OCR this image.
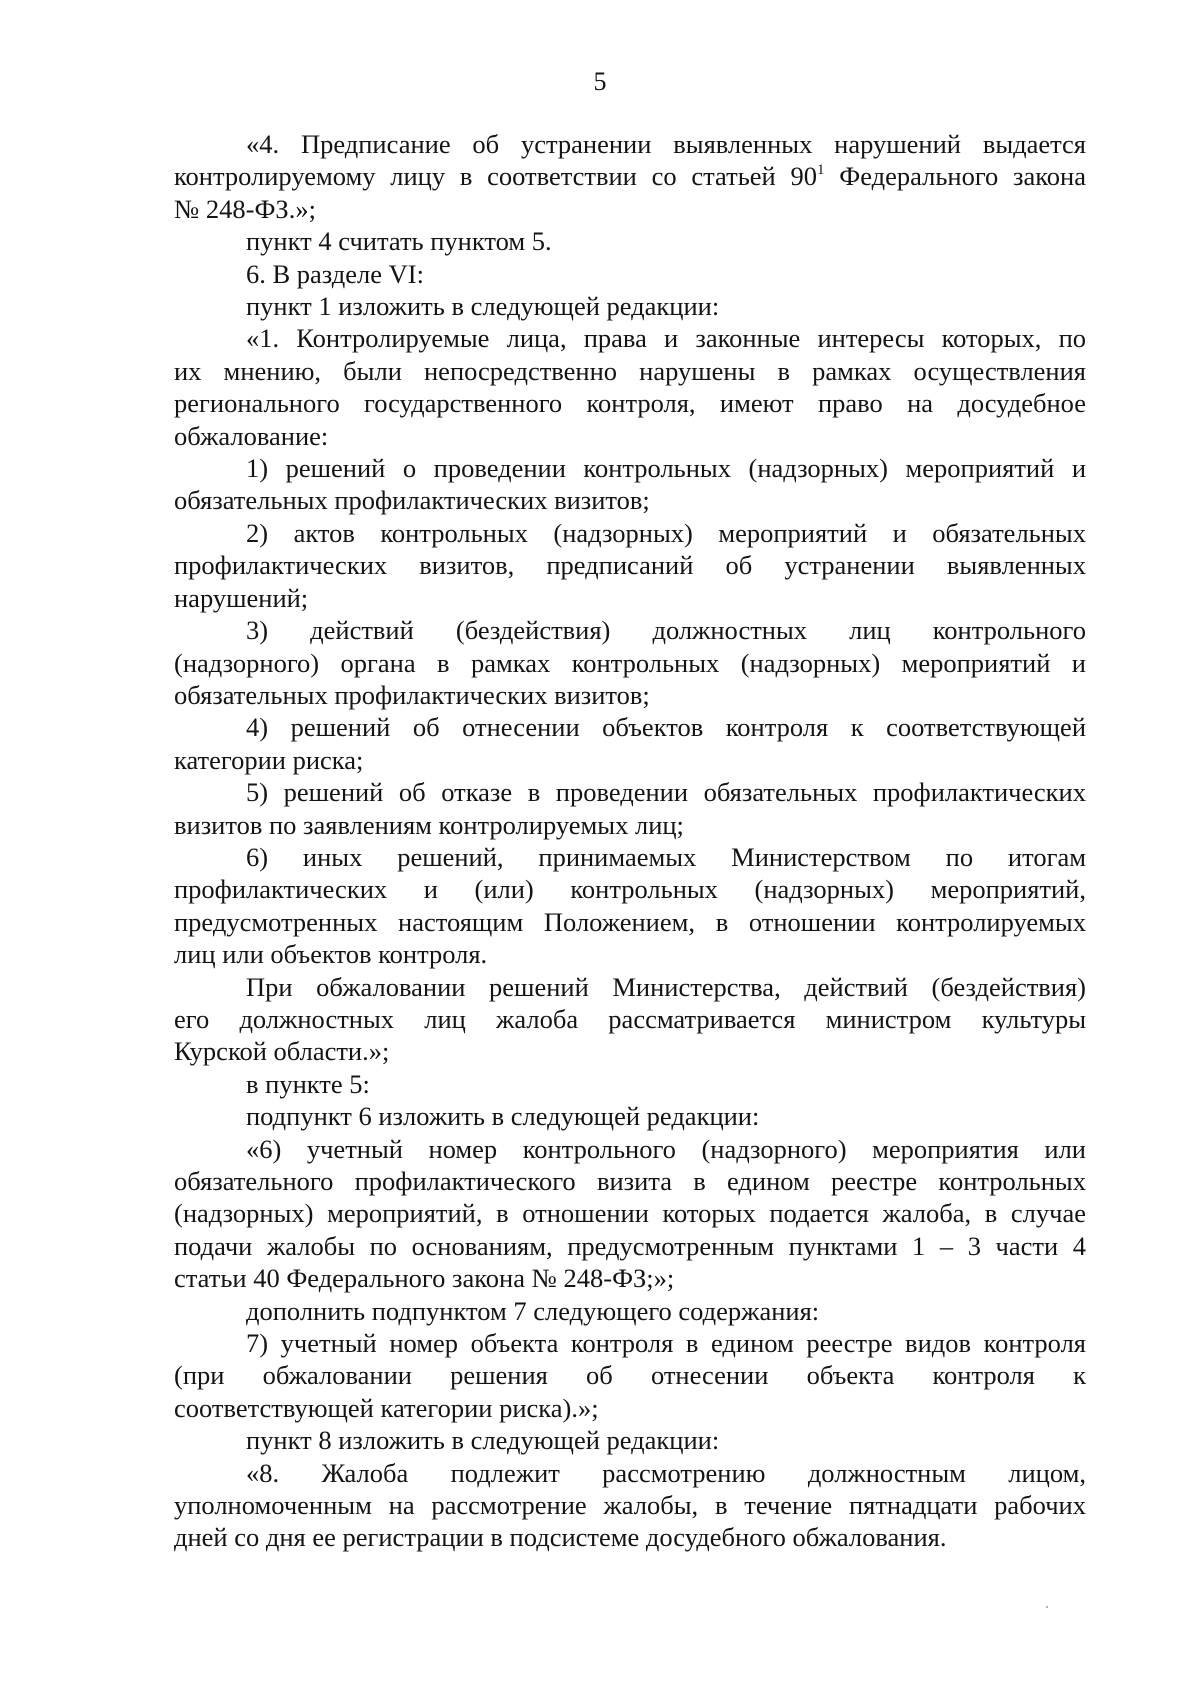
5

«4. Предписание об устранении выявленных нарушений выдается
контролируемому лицу в соответствии со статьей $90^1$ Федерального закона
№ 248-ФЗ.»;

пункт 4 считать пунктом 5.

6. В разделе VI:

пункт 1 изложить в следующей редакции:

«1. Контролируемые лица, права и законные интересы которых, по
их мнению, были непосредственно нарушены в рамках осуществления
регионального государственного контроля, имеют право на досудебное
обжалование:

1) решений о проведении контрольных (надзорных) мероприятий и
обязательных профилактических визитов;

2) актов контрольных (надзорных) мероприятий и обязательных
профилактических визитов, предписаний об устранении выявленных
нарушений;

3) действий (бездействия) должностных лиц контрольного
(надзорного) органа в рамках контрольных (надзорных) мероприятий и
обязательных профилактических визитов;

4) решений об отнесении объектов контроля к соответствующей
категории риска;

5) решений об отказе в проведении обязательных профилактических
визитов по заявлениям контролируемых лиц;

6) иных решений, принимаемых Министерством по итогам
профилактических и (или) контрольных (надзорных) мероприятий,
предусмотренных настоящим Положением, в отношении контролируемых
лиц или объектов контроля.

При обжаловании решений Министерства, действий (бездействия)
его должностных лиц жалоба рассматривается министром культуры
Курской области.»;

в пункте 5:

подпункт 6 изложить в следующей редакции:

«6) учетный номер контрольного (надзорного) мероприятия или
обязательного профилактического визита в едином реестре контрольных
(надзорных) мероприятий, в отношении которых подается жалоба, в случае
подачи жалобы по основаниям, предусмотренным пунктами 1 – 3 части 4
статьи 40 Федерального закона № 248-ФЗ;»;

дополнить подпунктом 7 следующего содержания:

7) учетный номер объекта контроля в едином реестре видов контроля
(при обжаловании решения об отнесении объекта контроля к
соответствующей категории риска).»;

пункт 8 изложить в следующей редакции:

«8. Жалоба подлежит рассмотрению должностным лицом,
уполномоченным на рассмотрение жалобы, в течение пятнадцати рабочих
дней со дня ее регистрации в подсистеме досудебного обжалования.
